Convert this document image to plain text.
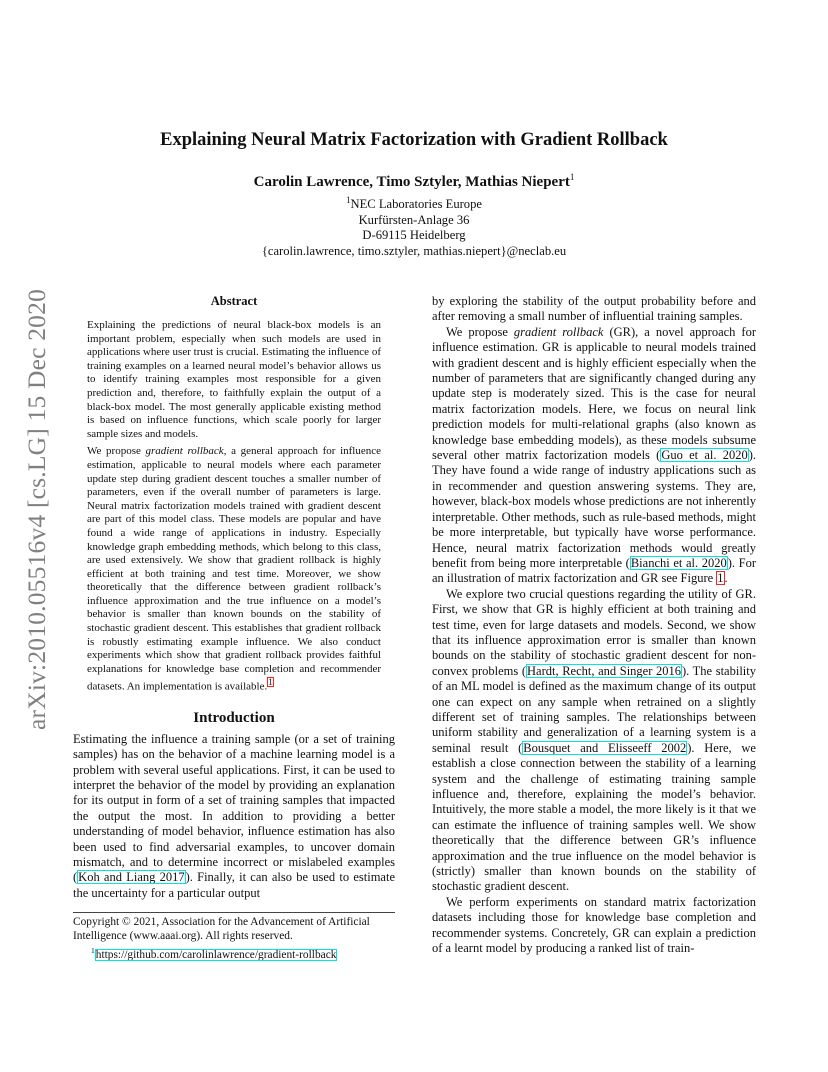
arXiv:2010.05516v4 [cs.LG] 15 Dec 2020
Explaining Neural Matrix Factorization with Gradient Rollback
Carolin Lawrence, Timo Sztyler, Mathias Niepert$^1$
$^1$NEC Laboratories Europe
Kurfürsten-Anlage 36
D-69115 Heidelberg
{carolin.lawrence, timo.sztyler, mathias.niepert}@neclab.eu
Abstract

Explaining the predictions of neural black-box models is an important problem, especially when such models are used in applications where user trust is crucial. Estimating the influence of training examples on a learned neural model’s behavior allows us to identify training examples most responsible for a given prediction and, therefore, to faithfully explain the output of a black-box model. The most generally applicable existing method is based on influence functions, which scale poorly for larger sample sizes and models.

We propose gradient rollback, a general approach for influence estimation, applicable to neural models where each parameter update step during gradient descent touches a smaller number of parameters, even if the overall number of parameters is large. Neural matrix factorization models trained with gradient descent are part of this model class. These models are popular and have found a wide range of applications in industry. Especially knowledge graph embedding methods, which belong to this class, are used extensively. We show that gradient rollback is highly efficient at both training and test time. Moreover, we show theoretically that the difference between gradient rollback’s influence approximation and the true influence on a model’s behavior is smaller than known bounds on the stability of stochastic gradient descent. This establishes that gradient rollback is robustly estimating example influence. We also conduct experiments which show that gradient rollback provides faithful explanations for knowledge base completion and recommender datasets. An implementation is available.$^1$

Introduction

Estimating the influence a training sample (or a set of training samples) has on the behavior of a machine learning model is a problem with several useful applications. First, it can be used to interpret the behavior of the model by providing an explanation for its output in form of a set of training samples that impacted the output the most. In addition to providing a better understanding of model behavior, influence estimation has also been used to find adversarial examples, to uncover domain mismatch, and to determine incorrect or mislabeled examples (Koh and Liang 2017). Finally, it can also be used to estimate the uncertainty for a particular output

by exploring the stability of the output probability before and after removing a small number of influential training samples.

We propose gradient rollback (GR), a novel approach for influence estimation. GR is applicable to neural models trained with gradient descent and is highly efficient especially when the number of parameters that are significantly changed during any update step is moderately sized. This is the case for neural matrix factorization models. Here, we focus on neural link prediction models for multi-relational graphs (also known as knowledge base embedding models), as these models subsume several other matrix factorization models (Guo et al. 2020). They have found a wide range of industry applications such as in recommender and question answering systems. They are, however, black-box models whose predictions are not inherently interpretable. Other methods, such as rule-based methods, might be more interpretable, but typically have worse performance. Hence, neural matrix factorization methods would greatly benefit from being more interpretable (Bianchi et al. 2020). For an illustration of matrix factorization and GR see Figure 1.

We explore two crucial questions regarding the utility of GR. First, we show that GR is highly efficient at both training and test time, even for large datasets and models. Second, we show that its influence approximation error is smaller than known bounds on the stability of stochastic gradient descent for non-convex problems (Hardt, Recht, and Singer 2016). The stability of an ML model is defined as the maximum change of its output one can expect on any sample when retrained on a slightly different set of training samples. The relationships between uniform stability and generalization of a learning system is a seminal result (Bousquet and Elisseeff 2002). Here, we establish a close connection between the stability of a learning system and the challenge of estimating training sample influence and, therefore, explaining the model’s behavior. Intuitively, the more stable a model, the more likely is it that we can estimate the influence of training samples well. We show theoretically that the difference between GR’s influence approximation and the true influence on the model behavior is (strictly) smaller than known bounds on the stability of stochastic gradient descent.

We perform experiments on standard matrix factorization datasets including those for knowledge base completion and recommender systems. Concretely, GR can explain a prediction of a learnt model by producing a ranked list of train-

Copyright © 2021, Association for the Advancement of Artificial Intelligence (www.aaai.org). All rights reserved.
$^1$https://github.com/carolinlawrence/gradient-rollback
